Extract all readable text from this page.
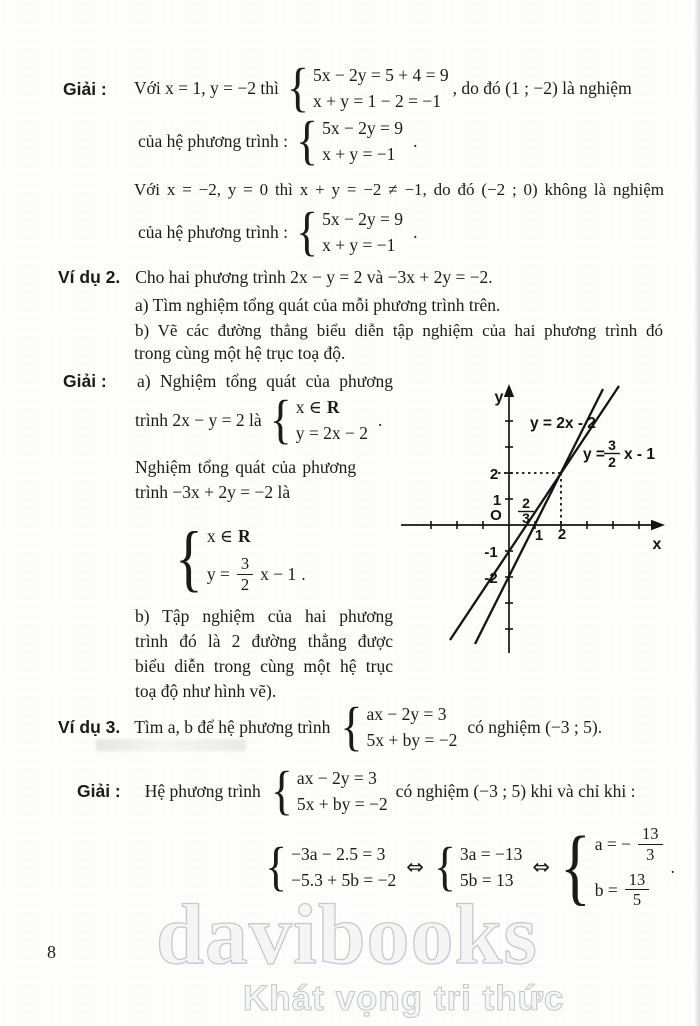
Giải : Với x = 1, y = −2 thì { 5x − 2y = 5 + 4 = 9
x + y = 1 − 2 = −1
, do đó (1 ; −2) là nghiệm
của hệ phương trình : { 5x − 2y = 9
x + y = −1
.
Với x = −2, y = 0 thì x + y = −2 ≠ −1, do đó (−2 ; 0) không là nghiệm
của hệ phương trình : { 5x − 2y = 9
x + y = −1
.
Ví dụ 2. Cho hai phương trình 2x − y = 2 và −3x + 2y = −2.
a) Tìm nghiệm tổng quát của mỗi phương trình trên.
b) Vẽ các đường thẳng biểu diễn tập nghiệm của hai phương trình đó
trong cùng một hệ trục toạ độ.
Giải : a) Nghiệm tổng quát của phương
trình 2x − y = 2 là { x ∈ R
y = 2x − 2
.
Nghiệm tổng quát của phương
trình −3x + 2y = −2 là
{ x ∈ R
$y = \frac{3}{2}$ x − 1 .
b) Tập nghiệm của hai phương
trình đó là 2 đường thẳng được
biểu diễn trong cùng một hệ trục
toạ độ như hình vẽ).
y
x
O
2
1
-1
-2
1 2
2
3
y = 2x - 2
y =
3
2 x - 1
Ví dụ 3. Tìm a, b để hệ phương trình { ax − 2y = 3
5x + by = −2
có nghiệm (−3 ; 5).
Giải : Hệ phương trình { ax − 2y = 3
5x + by = −2
có nghiệm (−3 ; 5) khi và chỉ khi :
{ −3a − 2.5 = 3
−5.3 + 5b = −2
⇔ { 3a = −13
5b = 13
⇔ { a = − $\frac{13}{3}$
$b = \frac{13}{5}$
.
8 davibooks
Khát vọng tri thức
